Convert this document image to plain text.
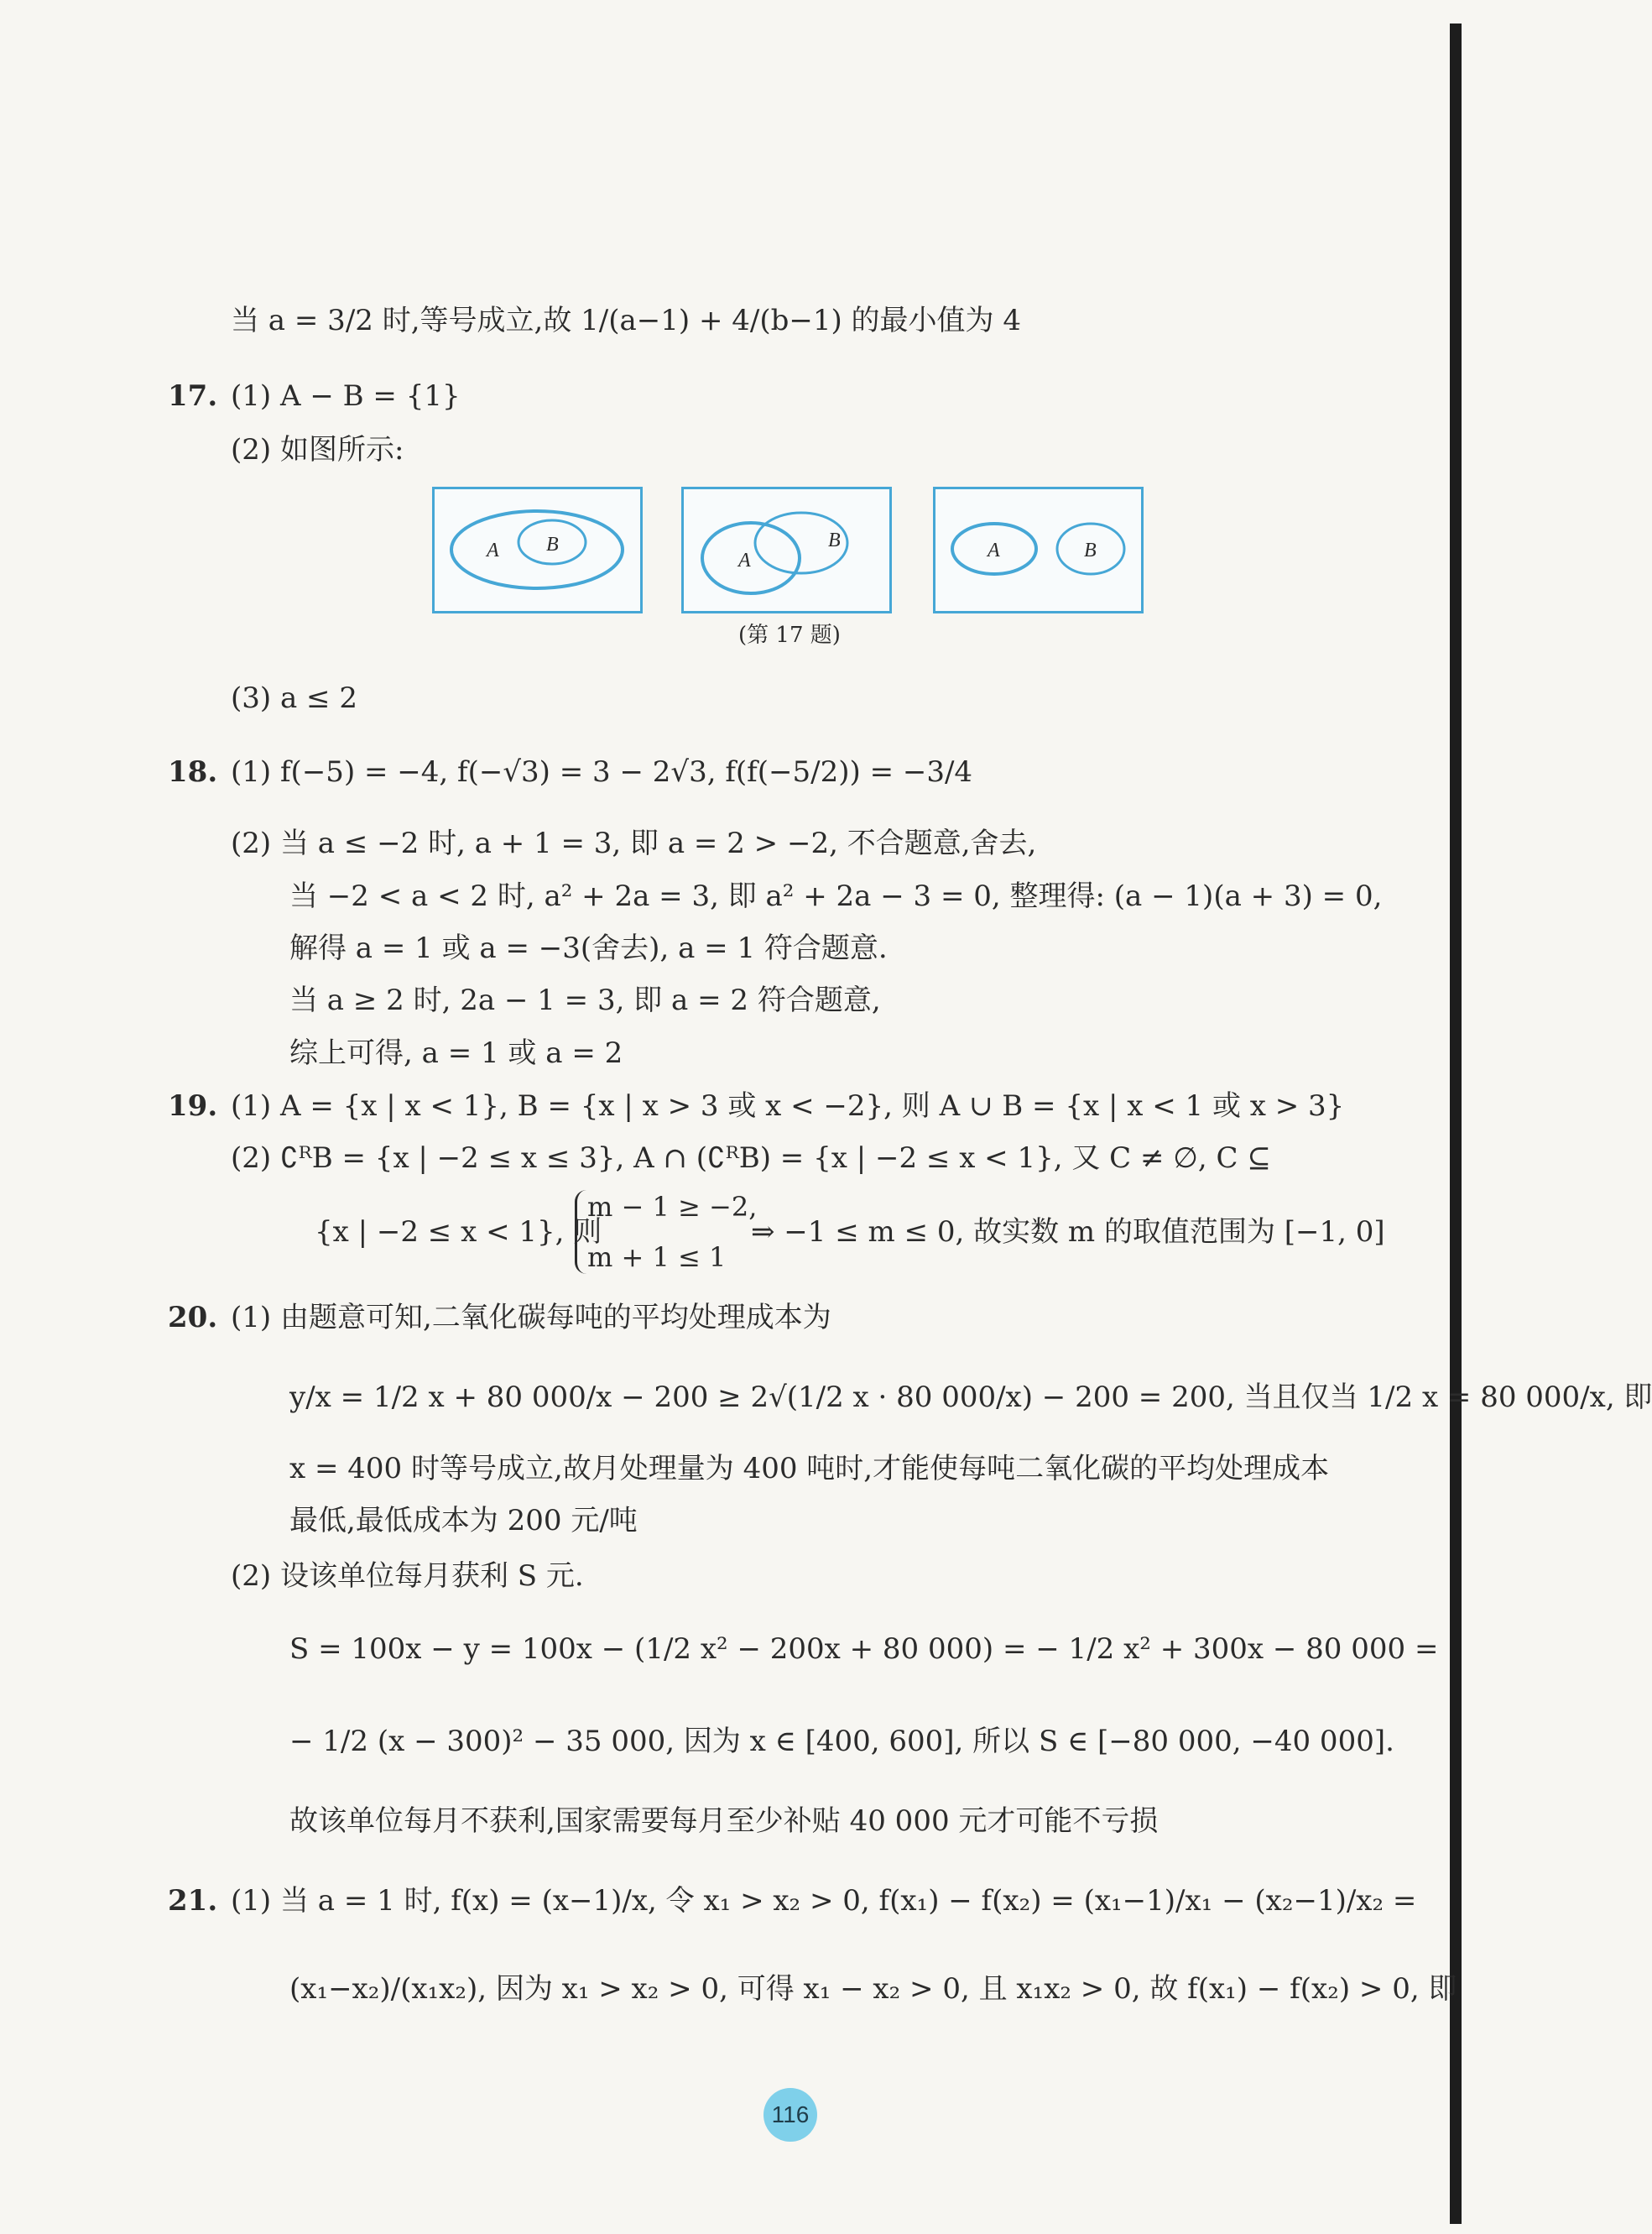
当 a = 3/2 时,等号成立,故 1/(a−1) + 4/(b−1) 的最小值为 4
17. (1) A − B = {1}
(2) 如图所示:
A B
A
B	A	B
(第 17 题)
(3) a ≤ 2
18. (1) f(−5) = −4, f(−√3) = 3 − 2√3, f(f(−5/2)) = −3/4
(2) 当 a ≤ −2 时, a + 1 = 3, 即 a = 2 > −2, 不合题意,舍去,
当 −2 < a < 2 时, a² + 2a = 3, 即 a² + 2a − 3 = 0, 整理得: (a − 1)(a + 3) = 0,
解得 a = 1 或 a = −3(舍去), a = 1 符合题意.
当 a ≥ 2 时, 2a − 1 = 3, 即 a = 2 符合题意,
综上可得, a = 1 或 a = 2
19. (1) A = {x | x < 1}, B = {x | x > 3 或 x < −2}, 则 A ∪ B = {x | x < 1 或 x > 3}
(2) ∁ᴿB = {x | −2 ≤ x ≤ 3}, A ∩ (∁ᴿB) = {x | −2 ≤ x < 1}, 又 C ≠ ∅, C ⊆
{x | −2 ≤ x < 1}, 则
m − 1 ≥ −2,
m + 1 ≤ 1
⇒ −1 ≤ m ≤ 0, 故实数 m 的取值范围为 [−1, 0]
20. (1) 由题意可知,二氧化碳每吨的平均处理成本为
y/x = 1/2 x + 80 000/x − 200 ≥ 2√(1/2 x · 80 000/x) − 200 = 200, 当且仅当 1/2 x = 80 000/x, 即
x = 400 时等号成立,故月处理量为 400 吨时,才能使每吨二氧化碳的平均处理成本
最低,最低成本为 200 元/吨
(2) 设该单位每月获利 S 元.
S = 100x − y = 100x − (1/2 x² − 200x + 80 000) = − 1/2 x² + 300x − 80 000 =
− 1/2 (x − 300)² − 35 000, 因为 x ∈ [400, 600], 所以 S ∈ [−80 000, −40 000].
故该单位每月不获利,国家需要每月至少补贴 40 000 元才可能不亏损
21. (1) 当 a = 1 时, f(x) = (x−1)/x, 令 x₁ > x₂ > 0, f(x₁) − f(x₂) = (x₁−1)/x₁ − (x₂−1)/x₂ =
(x₁−x₂)/(x₁x₂), 因为 x₁ > x₂ > 0, 可得 x₁ − x₂ > 0, 且 x₁x₂ > 0, 故 f(x₁) − f(x₂) > 0, 即
116
